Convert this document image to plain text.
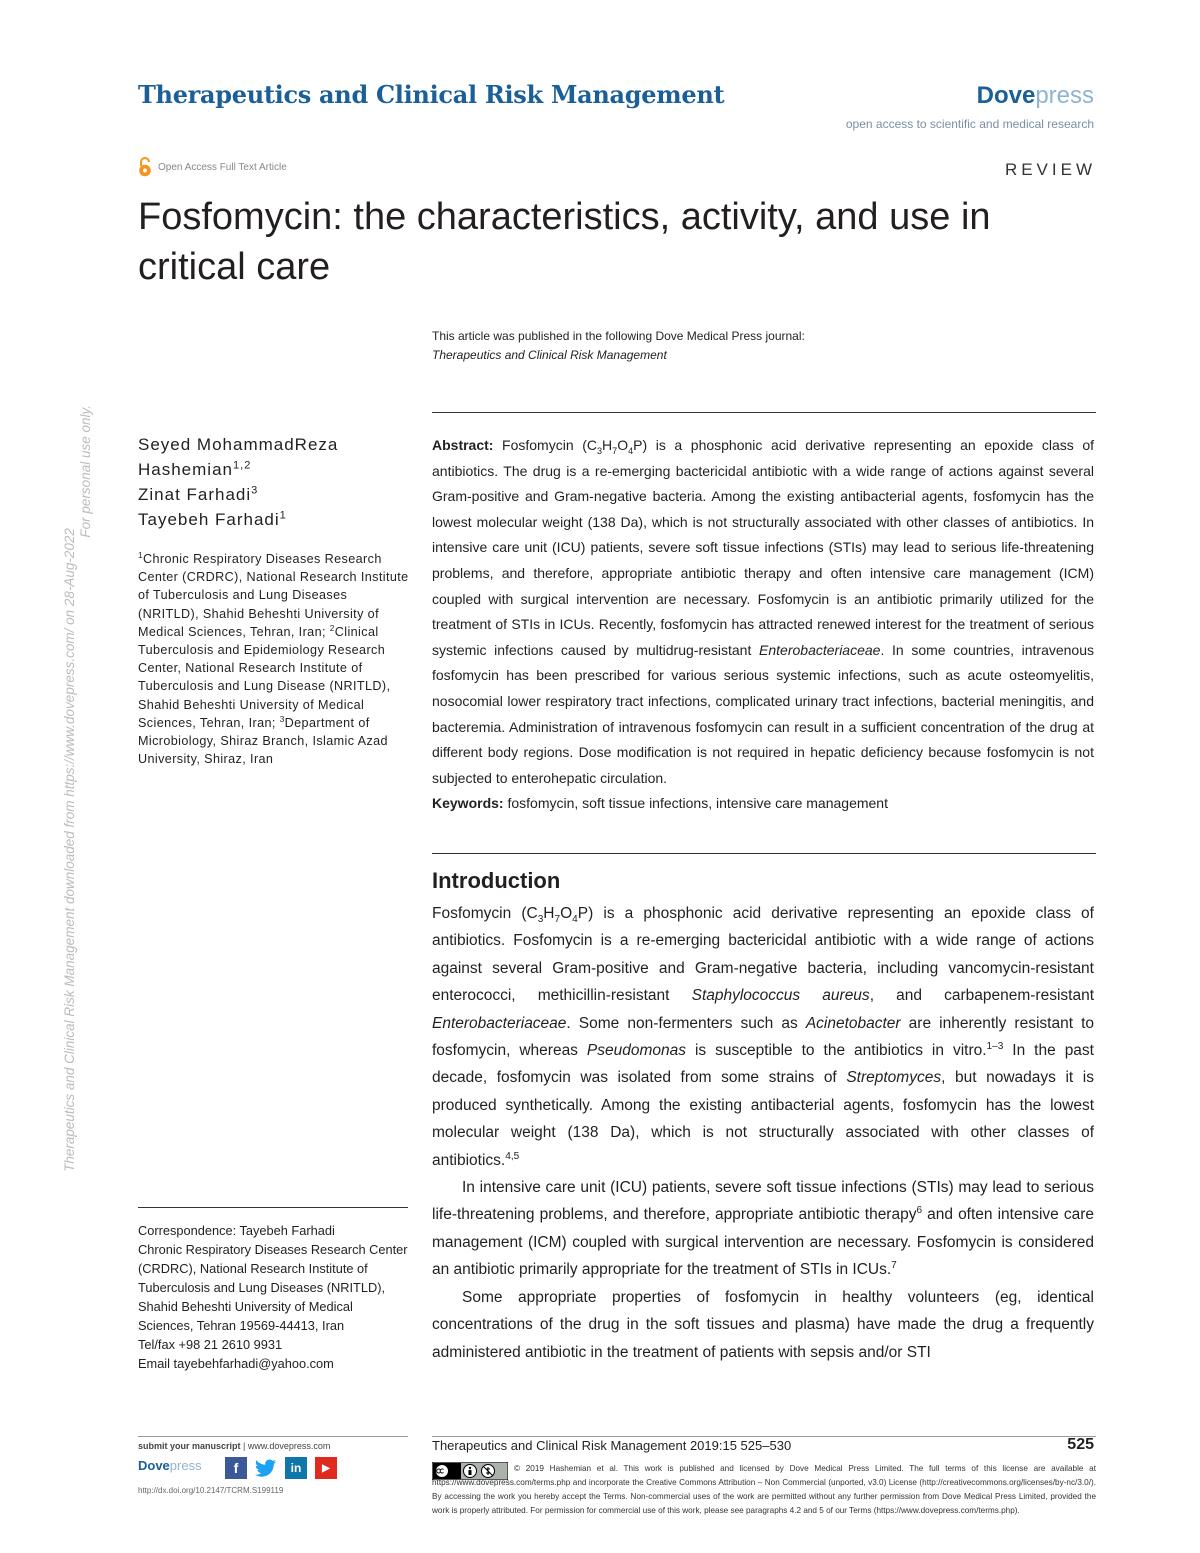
Therapeutics and Clinical Risk Management	Dovepress
open access to scientific and medical research
Open Access Full Text Article	REVIEW
Fosfomycin: the characteristics, activity, and use in critical care
This article was published in the following Dove Medical Press journal:
Therapeutics and Clinical Risk Management
Therapeutics and Clinical Risk Management downloaded from https://www.dovepress.com/ on 28-Aug-2022
For personal use only.	Seyed MohammadReza
Hashemian$^{1,2}$
Zinat Farhadi$^3$
Tayebeh Farhadi$^1$
$^1$Chronic Respiratory Diseases Research Center (CRDRC), National Research Institute of Tuberculosis and Lung Diseases (NRITLD), Shahid Beheshti University of Medical Sciences, Tehran, Iran; $^2$Clinical Tuberculosis and Epidemiology Research Center, National Research Institute of Tuberculosis and Lung Disease (NRITLD), Shahid Beheshti University of Medical Sciences, Tehran, Iran; $^3$Department of Microbiology, Shiraz Branch, Islamic Azad University, Shiraz, Iran
Abstract: Fosfomycin $(C_3H_7O_4P)$ is a phosphonic acid derivative representing an epoxide class of antibiotics. The drug is a re-emerging bactericidal antibiotic with a wide range of actions against several Gram-positive and Gram-negative bacteria. Among the existing antibacterial agents, fosfomycin has the lowest molecular weight (138 Da), which is not structurally associated with other classes of antibiotics. In intensive care unit (ICU) patients, severe soft tissue infections (STIs) may lead to serious life-threatening problems, and therefore, appropriate antibiotic therapy and often intensive care management (ICM) coupled with surgical intervention are necessary. Fosfomycin is an antibiotic primarily utilized for the treatment of STIs in ICUs. Recently, fosfomycin has attracted renewed interest for the treatment of serious systemic infections caused by multidrug-resistant Enterobacteriaceae. In some countries, intravenous fosfomycin has been prescribed for various serious systemic infections, such as acute osteomyelitis, nosocomial lower respiratory tract infections, complicated urinary tract infections, bacterial meningitis, and bacteremia. Administration of intravenous fosfomycin can result in a sufficient concentration of the drug at different body regions. Dose modification is not required in hepatic deficiency because fosfomycin is not subjected to enterohepatic circulation.
Keywords: fosfomycin, soft tissue infections, intensive care management
Introduction

Fosfomycin $(C_3H_7O_4P)$ is a phosphonic acid derivative representing an epoxide class of antibiotics. Fosfomycin is a re-emerging bactericidal antibiotic with a wide range of actions against several Gram-positive and Gram-negative bacteria, including vancomycin-resistant enterococci, methicillin-resistant Staphylococcus aureus, and carbapenem-resistant Enterobacteriaceae. Some non-fermenters such as Acinetobacter are inherently resistant to fosfomycin, whereas Pseudomonas is susceptible to the antibiotics in vitro.$^{1-3}$ In the past decade, fosfomycin was isolated from some strains of Streptomyces, but nowadays it is produced synthetically. Among the existing antibacterial agents, fosfomycin has the lowest molecular weight (138 Da), which is not structurally associated with other classes of antibiotics.$^{4,5}$

In intensive care unit (ICU) patients, severe soft tissue infections (STIs) may lead to serious life-threatening problems, and therefore, appropriate antibiotic therapy$^6$ and often intensive care management (ICM) coupled with surgical intervention are necessary. Fosfomycin is considered an antibiotic primarily appropriate for the treatment of STIs in ICUs.$^7$

Some appropriate properties of fosfomycin in healthy volunteers (eg, identical concentrations of the drug in the soft tissues and plasma) have made the drug a frequently administered antibiotic in the treatment of patients with sepsis and/or STI

Correspondence: Tayebeh Farhadi
Chronic Respiratory Diseases Research Center (CRDRC), National Research Institute of Tuberculosis and Lung Diseases (NRITLD), Shahid Beheshti University of Medical Sciences, Tehran 19569-44413, Iran
Tel/fax +98 21 2610 9931
Email tayebehfarhadi@yahoo.com
submit your manuscript | www.dovepress.com
Dovepress	f	in	▶
http://dx.doi.org/10.2147/TCRM.S199119
Therapeutics and Clinical Risk Management 2019:15 525–530	525
© 2019 Hashemian et al. This work is published and licensed by Dove Medical Press Limited. The full terms of this license are available at https://www.dovepress.com/terms.php and incorporate the Creative Commons Attribution – Non Commercial (unported, v3.0) License (http://creativecommons.org/licenses/by-nc/3.0/). By accessing the work you hereby accept the Terms. Non-commercial uses of the work are permitted without any further permission from Dove Medical Press Limited, provided the work is properly attributed. For permission for commercial use of this work, please see paragraphs 4.2 and 5 of our Terms (https://www.dovepress.com/terms.php).
